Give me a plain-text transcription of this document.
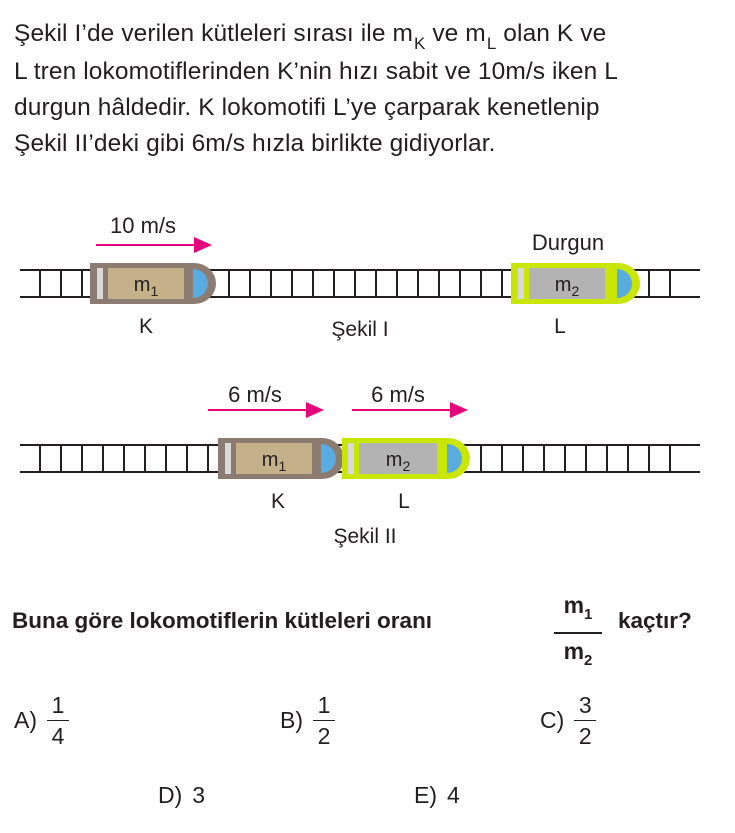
Şekil I’de verilen kütleleri sırası ile $m_K$ ve $m_L$ olan K ve

L tren lokomotiflerinden K’nin hızı sabit ve 10m/s iken L

durgun hâldedir. K lokomotifi L’ye çarparak kenetlenip

Şekil II’deki gibi 6m/s hızla birlikte gidiyorlar.

10 m/s
$m_1$
K
Durgun
$m_2$
L
Şekil I
6 m/s	6 m/s
$m_1$
K
$m_2$
L
Şekil II
Buna göre lokomotiflerin kütleleri oranı
$m_1$
$m_2$
kaçtır?
$A) \frac{1}{4}$	$B) \frac{1}{2}$	$C) \frac{3}{2}$
D) 3	E) 4
